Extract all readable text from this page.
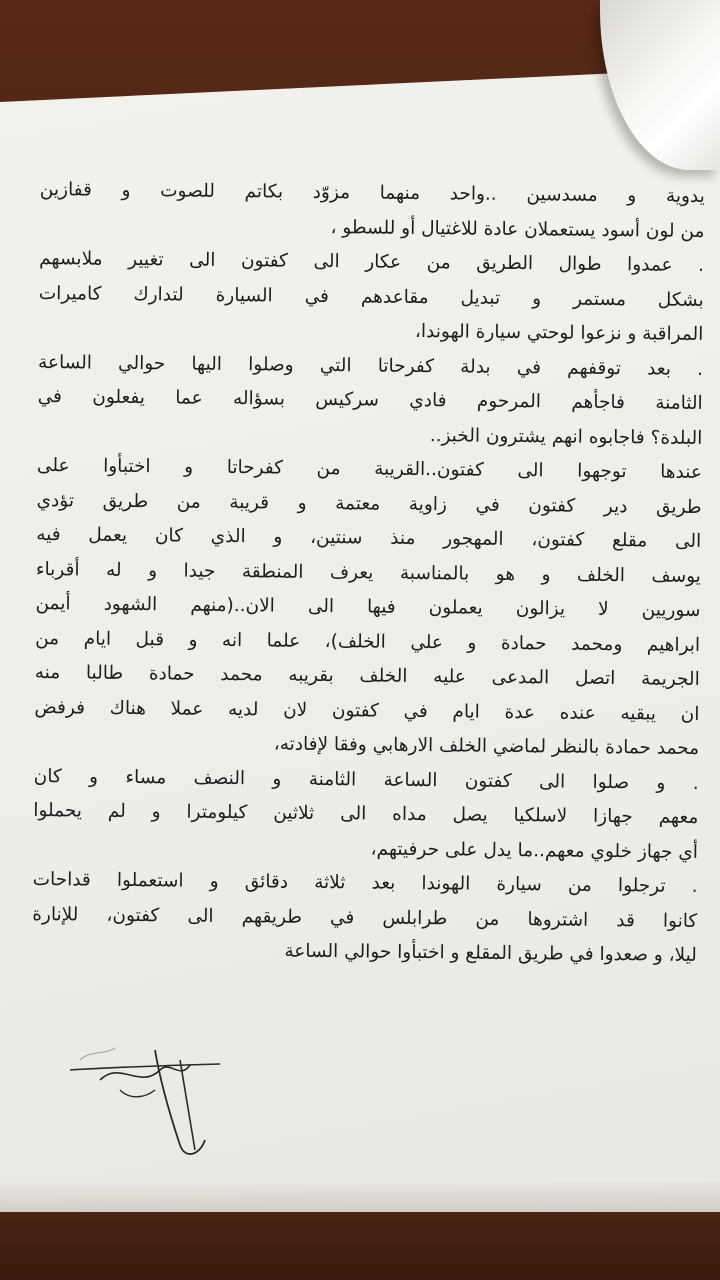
يدوية و مسدسين ..واحد منهما مزوّد بكاتم للصوت و قفازين
من لون أسود يستعملان عادة للاغتيال أو للسطو ،
. عمدوا طوال الطريق من عكار الى كفتون الى تغيير ملابسهم
بشكل مستمر و تبديل مقاعدهم في السيارة لتدارك كاميرات
المراقبة و نزعوا لوحتي سيارة الهوندا،
. بعد توقفهم في بدلة كفرحاتا التي وصلوا اليها حوالي الساعة
الثامنة فاجأهم المرحوم فادي سركيس بسؤاله عما يفعلون في
البلدة؟ فاجابوه انهم يشترون الخبز..
عندها توجهوا الى كفتون..القريبة من كفرحاتا و اختبأوا على
طريق دير كفتون في زاوية معتمة و قريبة من طريق تؤدي
الى مقلع كفتون، المهجور منذ سنتين، و الذي كان يعمل فيه
يوسف الخلف و هو بالمناسبة يعرف المنطقة جيدا و له أقرباء
سوريين لا يزالون يعملون فيها الى الان..(منهم الشهود أيمن
ابراهيم ومحمد حمادة و علي الخلف)، علما انه و قبل ايام من
الجريمة اتصل المدعى عليه الخلف بقريبه محمد حمادة طالبا منه
ان يبقيه عنده عدة ايام في كفتون لان لديه عملا هناك فرفض
محمد حمادة بالنظر لماضي الخلف الارهابي وفقا لإفادته،
. و صلوا الى كفتون الساعة الثامنة و النصف مساء و كان
معهم جهازا لاسلكيا يصل مداه الى ثلاثين كيلومترا و لم يحملوا
أي جهاز خلوي معهم..ما يدل على حرفيتهم،
. ترجلوا من سيارة الهوندا بعد ثلاثة دقائق و استعملوا قداحات
كانوا قد اشتروها من طرابلس في طريقهم الى كفتون، للإنارة
ليلا، و صعدوا في طريق المقلع و اختبأوا حوالي الساعة
